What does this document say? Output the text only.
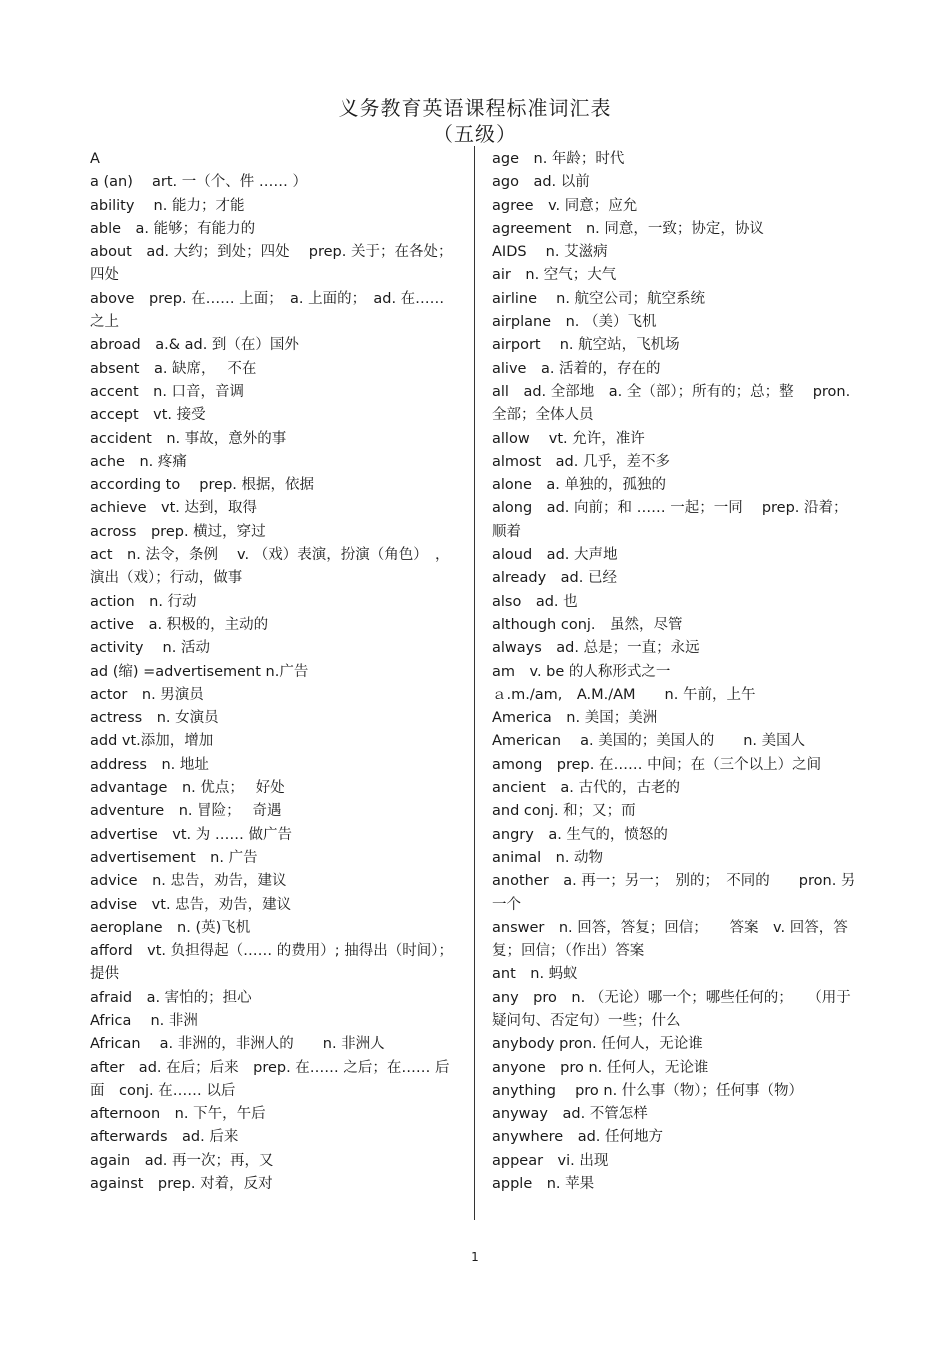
义务教育英语课程标准词汇表
（五级）

A

a (an)　 art. 一（个、件 …… ）

ability　 n. 能力；才能

able　a. 能够；有能力的

about　ad. 大约；到处；四处　 prep. 关于；在各处；四处

above　prep. 在…… 上面；　a. 上面的；　ad. 在……之上

abroad　a.& ad. 到（在）国外

absent　a. 缺席，　 不在

accent　n. 口音，音调

accept　vt. 接受

accident　n. 事故，意外的事

ache　n. 疼痛

according to　 prep. 根据，依据

achieve　vt. 达到，取得

across　prep. 横过，穿过

act　n. 法令，条例　 v. （戏）表演，扮演（角色）　，演出（戏）；行动，做事

action　n. 行动

active　a. 积极的，主动的

activity　 n. 活动

ad (缩) =advertisement n.广告

actor　n. 男演员

actress　n. 女演员

add vt.添加，增加

address　n. 地址

advantage　n. 优点；　 好处

adventure　n. 冒险；　 奇遇

advertise　vt. 为 …… 做广告

advertisement　n. 广告

advice　n. 忠告，劝告，建议

advise　vt. 忠告，劝告，建议

aeroplane　n. (英)飞机

afford　vt. 负担得起（…… 的费用）; 抽得出（时间）；提供

afraid　a. 害怕的；担心

Africa　 n. 非洲

African　 a. 非洲的，非洲人的　　n. 非洲人

after　ad. 在后；后来　prep. 在…… 之后；在…… 后面　conj. 在…… 以后

afternoon　n. 下午，午后

afterwards　ad. 后来

again　ad. 再一次；再，又

against　prep. 对着，反对

age　n. 年龄；时代

ago　ad. 以前

agree　v. 同意；应允

agreement　n. 同意，一致；协定，协议

AIDS　 n. 艾滋病

air　n. 空气；大气

airline　 n. 航空公司；航空系统

airplane　n. （美）飞机

airport　 n. 航空站，飞机场

alive　a. 活着的，存在的

all　ad. 全部地　a. 全（部）；所有的；总；整　 pron. 全部；全体人员

allow　 vt. 允许，准许

almost　ad. 几乎，差不多

alone　a. 单独的，孤独的

along　ad. 向前；和 …… 一起；一同　 prep. 沿着；顺着

aloud　ad. 大声地

already　ad. 已经

also　ad. 也

although conj.　虽然，尽管

always　ad. 总是；一直；永远

am　v. be 的人称形式之一

ａ.m./am,　A.M./AM　　n. 午前，上午

America　n. 美国；美洲

American　 a. 美国的；美国人的　　n. 美国人

among　prep. 在…… 中间；在（三个以上）之间

ancient　a. 古代的，古老的

and conj. 和；又；而

angry　a. 生气的，愤怒的

animal　n. 动物

another　a. 再一；另一；　别的；　不同的　　pron. 另一个

answer　n. 回答，答复；回信；　　答案　v. 回答，答复；回信；（作出）答案

ant　n. 蚂蚁

any　pro　n. （无论）哪一个；哪些任何的；　　（用于疑问句、否定句）一些；什么

anybody pron. 任何人，无论谁

anyone　pro n. 任何人，无论谁

anything　 pro n. 什么事（物）；任何事（物）

anyway　ad. 不管怎样

anywhere　ad. 任何地方

appear　vi. 出现

apple　n. 苹果

1
